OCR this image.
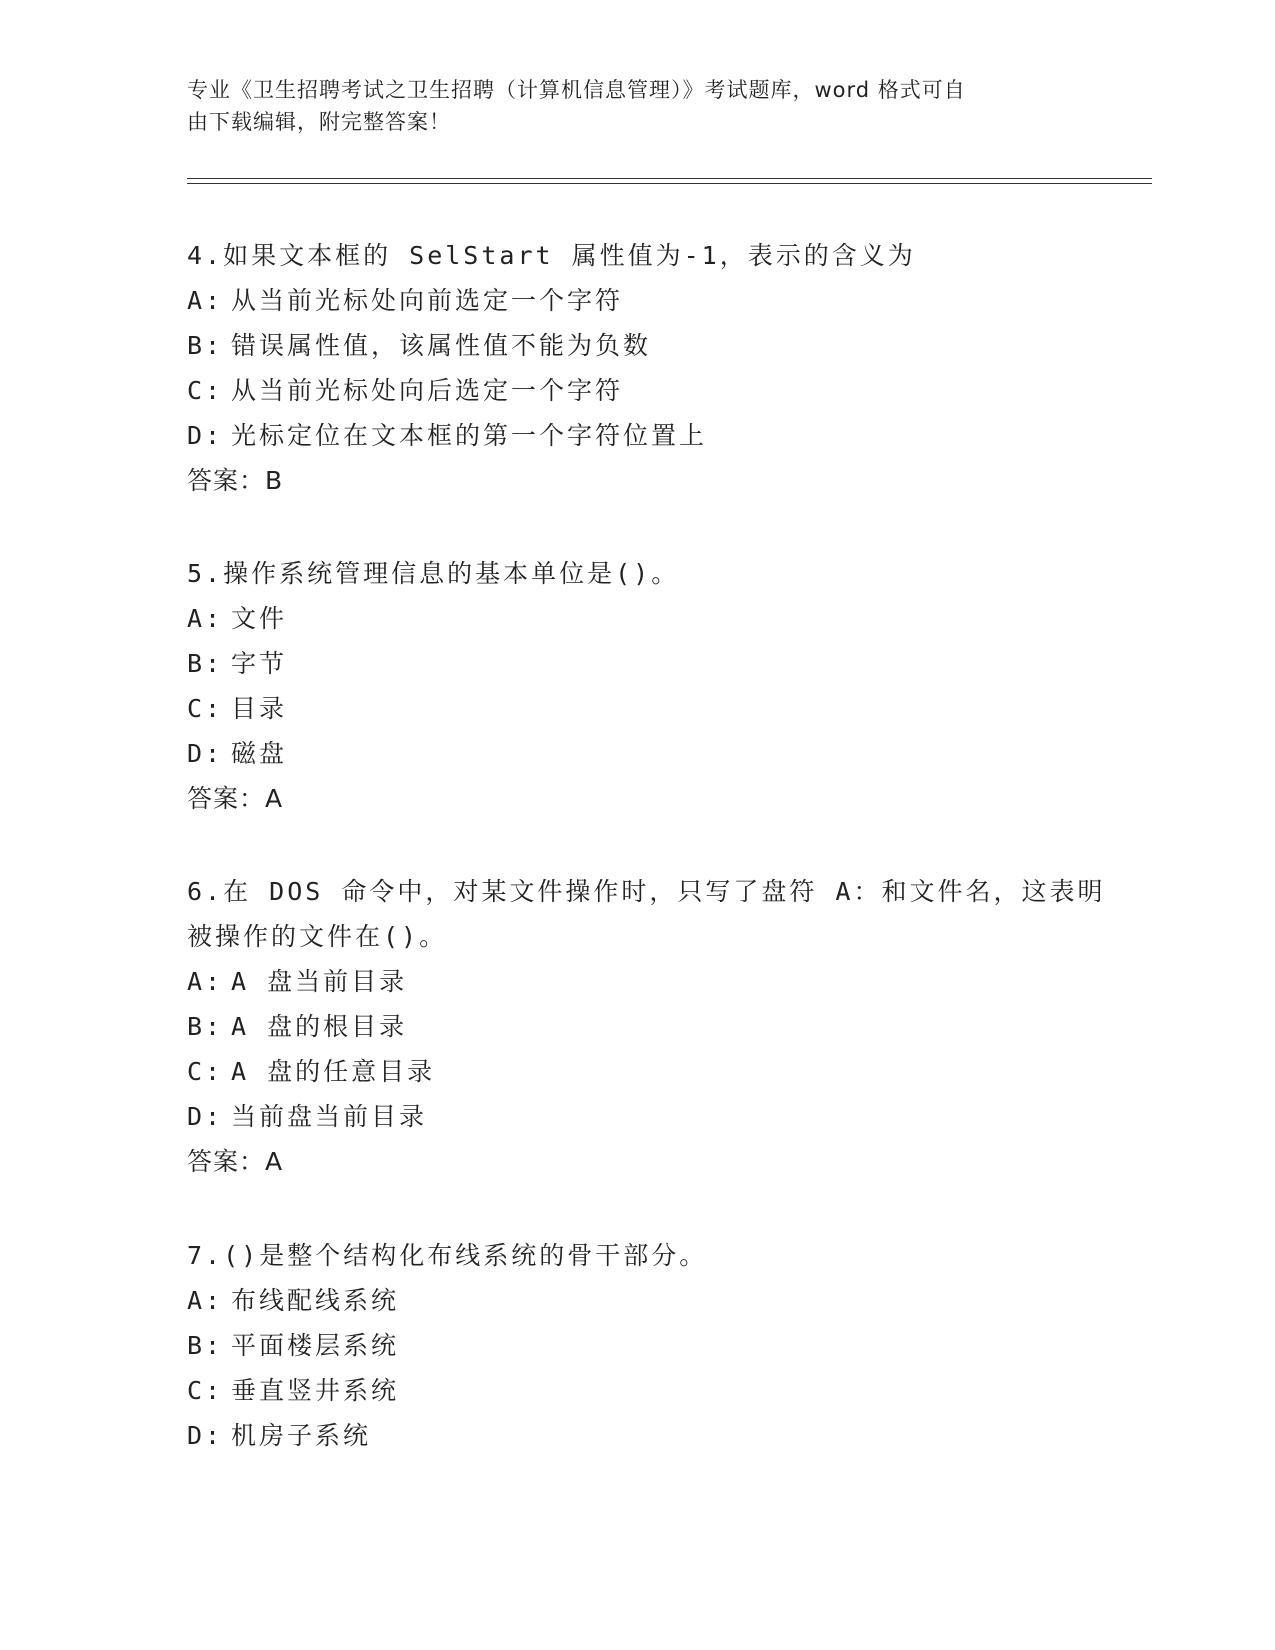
专业《卫生招聘考试之卫生招聘（计算机信息管理）》考试题库，word 格式可自
由下载编辑，附完整答案！

4.如果文本框的 SelStart 属性值为-1，表示的含义为

A: 从当前光标处向前选定一个字符

B: 错误属性值，该属性值不能为负数

C: 从当前光标处向后选定一个字符

D: 光标定位在文本框的第一个字符位置上

答案：B

5.操作系统管理信息的基本单位是()。

A: 文件

B: 字节

C: 目录

D: 磁盘

答案：A

6.在 DOS 命令中，对某文件操作时，只写了盘符 A：和文件名，这表明被操作的文件在()。

A: A 盘当前目录

B: A 盘的根目录

C: A 盘的任意目录

D: 当前盘当前目录

答案：A

7.()是整个结构化布线系统的骨干部分。

A: 布线配线系统

B: 平面楼层系统

C: 垂直竖井系统

D: 机房子系统
